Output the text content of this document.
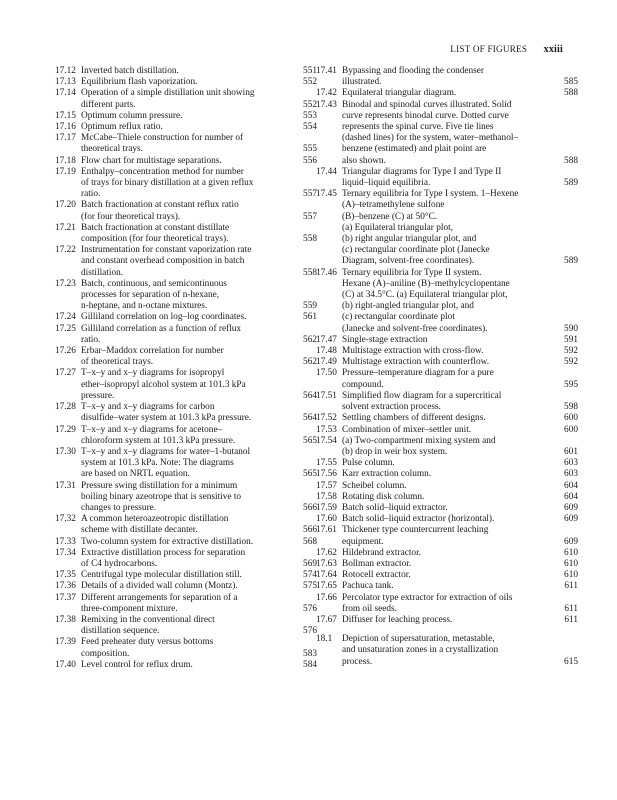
LIST OF FIGURES xxiii
17.12 Inverted batch distillation.	551
17.13 Equilibrium flash vaporization.	552
17.14 Operation of a simple distillation unit showing
different parts.	552
17.15 Optimum column pressure.	553
17.16 Optimum reflux ratio.	554
17.17 McCabe–Thiele construction for number of
theoretical trays.	555
17.18 Flow chart for multistage separations.	556
17.19 Enthalpy–concentration method for number
of trays for binary distillation at a given reflux
ratio.	557
17.20 Batch fractionation at constant reflux ratio
(for four theoretical trays).	557
17.21 Batch fractionation at constant distillate
composition (for four theoretical trays).	558
17.22 Instrumentation for constant vaporization rate
and constant overhead composition in batch
distillation.	558
17.23 Batch, continuous, and semicontinuous
processes for separation of n-hexane,
n-heptane, and n-octane mixtures.	559
17.24 Gilliland correlation on log–log coordinates.	561
17.25 Gilliland correlation as a function of reflux
ratio.	562
17.26 Erbar–Maddox correlation for number
of theoretical trays.	562
17.27 T–x–y and x–y diagrams for isopropyl
ether–isopropyl alcohol system at 101.3 kPa
pressure.	564
17.28 T–x–y and x–y diagrams for carbon
disulfide–water system at 101.3 kPa pressure.	564
17.29 T–x–y and x–y diagrams for acetone–
chloroform system at 101.3 kPa pressure.	565
17.30 T–x–y and x–y diagrams for water–1-butanol
system at 101.3 kPa. Note: The diagrams
are based on NRTL equation.	565
17.31 Pressure swing distillation for a minimum
boiling binary azeotrope that is sensitive to
changes to pressure.	566
17.32 A common heteroazeotropic distillation
scheme with distillate decanter.	566
17.33 Two-column system for extractive distillation.	568
17.34 Extractive distillation process for separation
of C4 hydrocarbons.	569
17.35 Centrifugal type molecular distillation still.	574
17.36 Details of a divided wall column (Montz).	575
17.37 Different arrangements for separation of a
three-component mixture.	576
17.38 Remixing in the conventional direct
distillation sequence.	576
17.39 Feed preheater duty versus bottoms
composition.	583
17.40 Level control for reflux drum.	584
17.41 Bypassing and flooding the condenser
illustrated.	585
17.42 Equilateral triangular diagram.	588
17.43 Binodal and spinodal curves illustrated. Solid
curve represents binodal curve. Dotted curve
represents the spinal curve. Five tie lines
(dashed lines) for the system, water–methanol–
benzene (estimated) and plait point are
also shown.	588
17.44 Triangular diagrams for Type I and Type II
liquid–liquid equilibria.	589
17.45 Ternary equilibria for Type I system. 1–Hexene
(A)–tetramethylene sulfone
(B)–benzene (C) at 50°C.
(a) Equilateral triangular plot,
(b) right angular triangular plot, and
(c) rectangular coordinate plot (Janecke
Diagram, solvent-free coordinates).	589
17.46 Ternary equilibria for Type II system.
Hexane (A)–aniline (B)–methylcyclopentane
(C) at 34.5°C. (a) Equilateral triangular plot,
(b) right-angled triangular plot, and
(c) rectangular coordinate plot
(Janecke and solvent-free coordinates).	590
17.47 Single-stage extraction	591
17.48 Multistage extraction with cross-flow.	592
17.49 Multistage extraction with counterflow.	592
17.50 Pressure–temperature diagram for a pure
compound.	595
17.51 Simplified flow diagram for a supercritical
solvent extraction process.	598
17.52 Settling chambers of different designs.	600
17.53 Combination of mixer–settler unit.	600
17.54 (a) Two-compartment mixing system and
(b) drop in weir box system.	601
17.55 Pulse column.	603
17.56 Karr extraction column.	603
17.57 Scheibel column.	604
17.58 Rotating disk column.	604
17.59 Batch solid–liquid extractor.	609
17.60 Batch solid–liquid extractor (horizontal).	609
17.61 Thickener type countercurrent leaching
equipment.	609
17.62 Hildebrand extractor.	610
17.63 Bollman extractor.	610
17.64 Rotocell extractor.	610
17.65 Pachuca tank.	611
17.66 Percolator type extractor for extraction of oils
from oil seeds.	611
17.67 Diffuser for leaching process.	611
18.1	Depiction of supersaturation, metastable,
and unsaturation zones in a crystallization
process.	615
